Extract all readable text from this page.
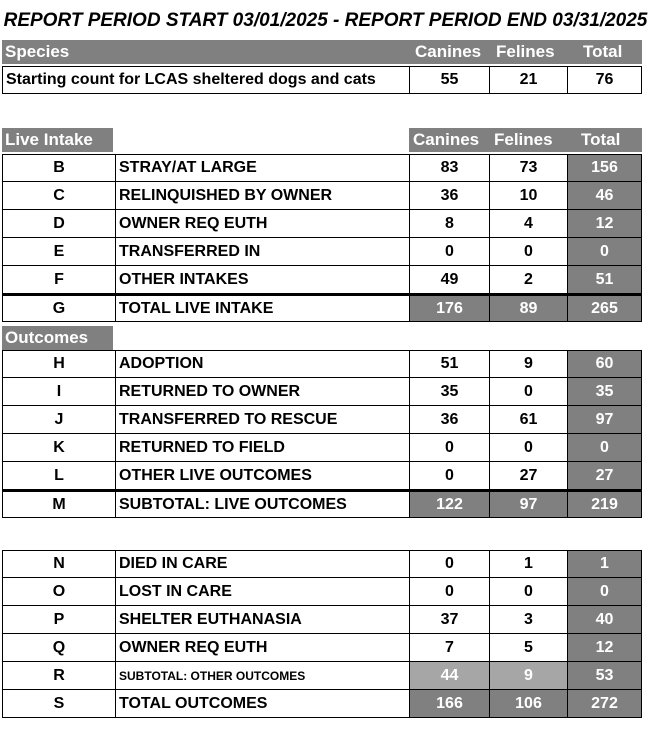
REPORT PERIOD START 03/01/2025 - REPORT PERIOD END 03/31/2025
Species	Canines Felines Total
Starting count for LCAS sheltered dogs and cats	55	21	76
Live Intake	Canines Felines Total
B	STRAY/AT LARGE	83	73	156
C	RELINQUISHED BY OWNER	36	10	46
D	OWNER REQ EUTH	8	4	12
E	TRANSFERRED IN	0	0	0
F	OTHER INTAKES	49	2	51
G	TOTAL LIVE INTAKE	176	89	265
Outcomes
H	ADOPTION	51	9	60
I	RETURNED TO OWNER	35	0	35
J	TRANSFERRED TO RESCUE	36	61	97
K	RETURNED TO FIELD	0	0	0
L	OTHER LIVE OUTCOMES	0	27	27
M	SUBTOTAL: LIVE OUTCOMES	122	97	219
N	DIED IN CARE	0	1	1
O	LOST IN CARE	0	0	0
P	SHELTER EUTHANASIA	37	3	40
Q	OWNER REQ EUTH	7	5	12
R	SUBTOTAL: OTHER OUTCOMES	44	9	53
S	TOTAL OUTCOMES	166	106	272
